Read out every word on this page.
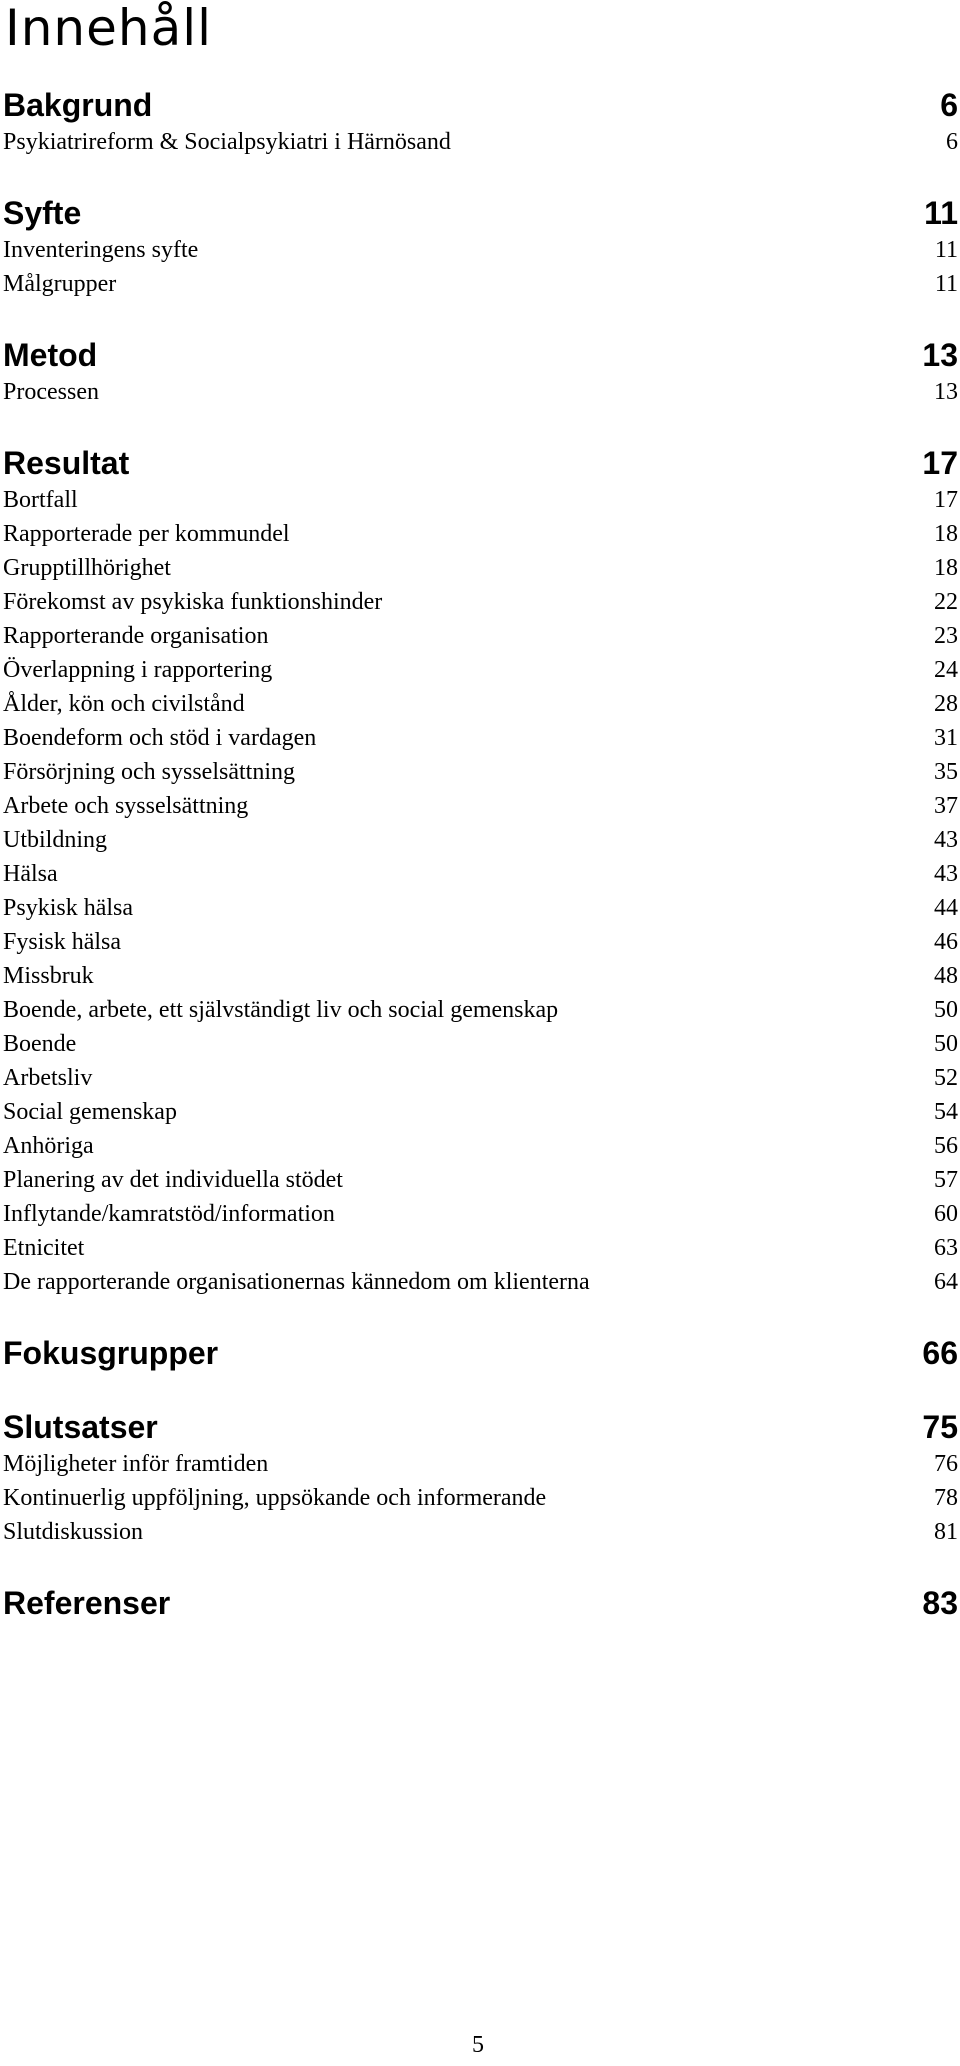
Innehåll
Bakgrund	6
Psykiatrireform & Socialpsykiatri i Härnösand	6
Syfte	11
Inventeringens syfte	11
Målgrupper	11
Metod	13
Processen	13
Resultat	17
Bortfall	17
Rapporterade per kommundel	18
Grupptillhörighet	18
Förekomst av psykiska funktionshinder	22
Rapporterande organisation	23
Överlappning i rapportering	24
Ålder, kön och civilstånd	28
Boendeform och stöd i vardagen	31
Försörjning och sysselsättning	35
Arbete och sysselsättning	37
Utbildning	43
Hälsa	43
Psykisk hälsa	44
Fysisk hälsa	46
Missbruk	48
Boende, arbete, ett självständigt liv och social gemenskap	50
Boende	50
Arbetsliv	52
Social gemenskap	54
Anhöriga	56
Planering av det individuella stödet	57
Inflytande/kamratstöd/information	60
Etnicitet	63
De rapporterande organisationernas kännedom om klienterna	64
Fokusgrupper	66
Slutsatser	75
Möjligheter inför framtiden	76
Kontinuerlig uppföljning, uppsökande och informerande	78
Slutdiskussion	81
Referenser	83
5
